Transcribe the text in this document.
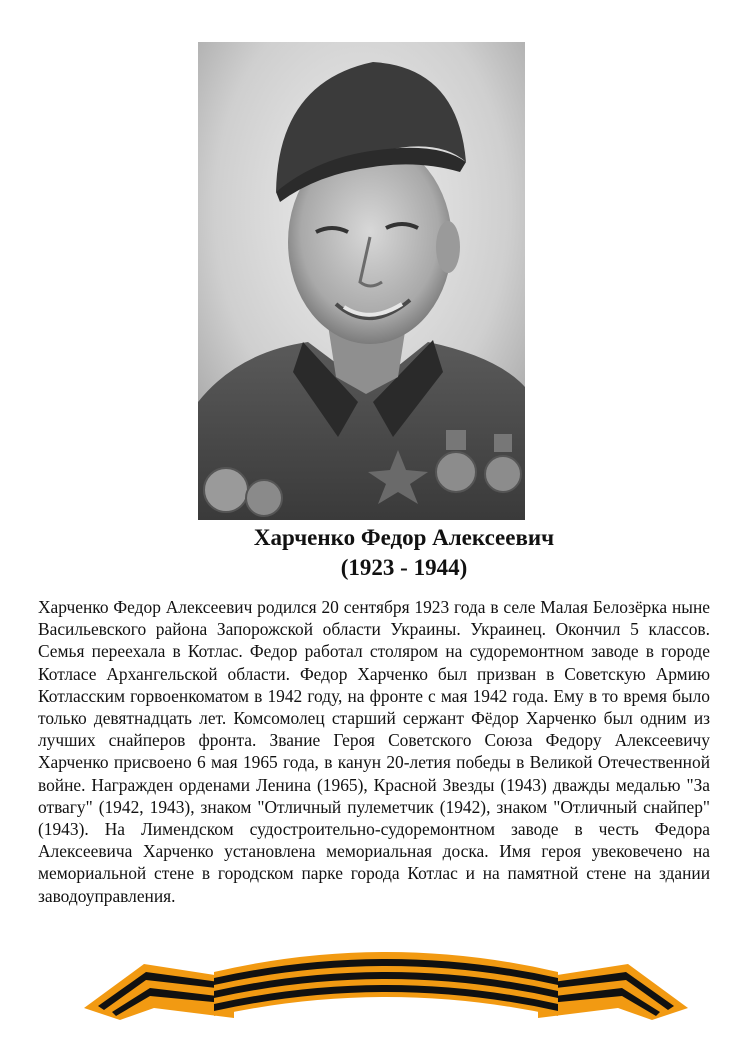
Харченко Федор Алексеевич
(1923 - 1944)
Харченко Федор Алексеевич родился 20 сентября 1923 года в селе Малая Белозёрка ныне Васильевского района Запорожской области Украины. Украинец. Окончил 5 классов. Семья переехала в Котлас. Федор работал столяром на судоремонтном заводе в городе Котласе Архангельской области. Федор Харченко был призван в Советскую Армию Котласским горвоенкоматом в 1942 году, на фронте с мая 1942 года. Ему в то время было только девятнадцать лет. Комсомолец старший сержант Фёдор Харченко был одним из лучших снайперов фронта. Звание Героя Советского Союза Федору Алексеевичу Харченко присвоено 6 мая 1965 года, в канун 20-летия победы в Великой Отечественной войне. Награжден орденами Ленина (1965), Красной Звезды (1943) дважды медалью "За отвагу" (1942, 1943), знаком "Отличный пулеметчик (1942), знаком "Отличный снайпер" (1943). На Лимендском судостроительно-судоремонтном заводе в честь Федора Алексеевича Харченко установлена мемориальная доска. Имя героя увековечено на мемориальной стене в городском парке города Котлас и на памятной стене на здании заводоуправления.
